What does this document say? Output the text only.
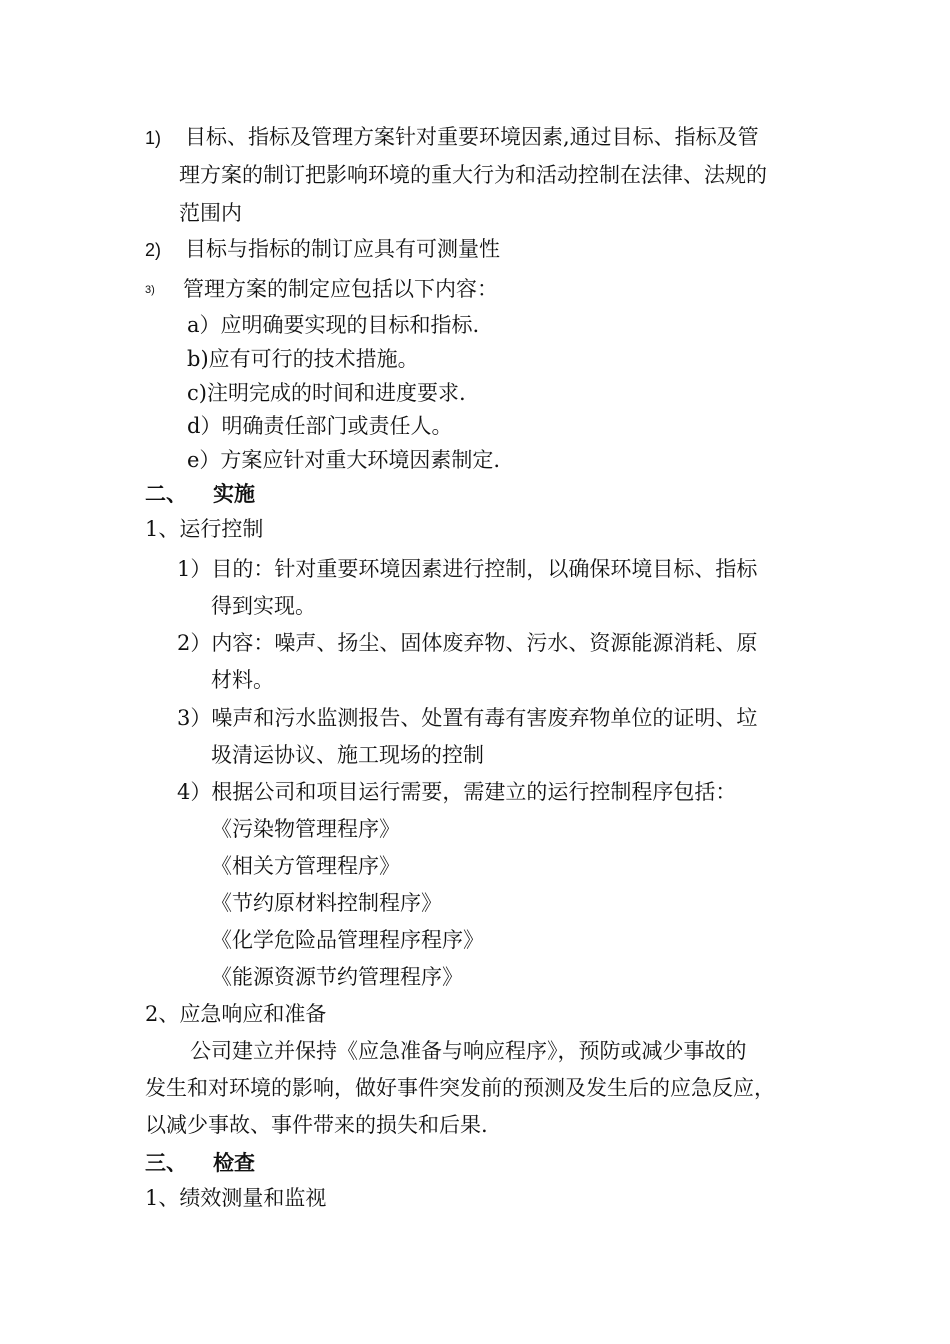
1) 目标、指标及管理方案针对重要环境因素,通过目标、指标及管
理方案的制订把影响环境的重大行为和活动控制在法律、法规的
范围内
2) 目标与指标的制订应具有可测量性
3) 管理方案的制定应包括以下内容：
a）应明确要实现的目标和指标.
b)应有可行的技术措施。
c)注明完成的时间和进度要求.
d）明确责任部门或责任人。
e）方案应针对重大环境因素制定.
二、 实施
1、运行控制
1）目的：针对重要环境因素进行控制，以确保环境目标、指标
得到实现。
2）内容：噪声、扬尘、固体废弃物、污水、资源能源消耗、原
材料。
3）噪声和污水监测报告、处置有毒有害废弃物单位的证明、垃
圾清运协议、施工现场的控制
4）根据公司和项目运行需要，需建立的运行控制程序包括：
《污染物管理程序》
《相关方管理程序》
《节约原材料控制程序》
《化学危险品管理程序程序》
《能源资源节约管理程序》
2、应急响应和准备
公司建立并保持《应急准备与响应程序》，预防或减少事故的
发生和对环境的影响，做好事件突发前的预测及发生后的应急反应，
以减少事故、事件带来的损失和后果.
三、 检查
1、绩效测量和监视
